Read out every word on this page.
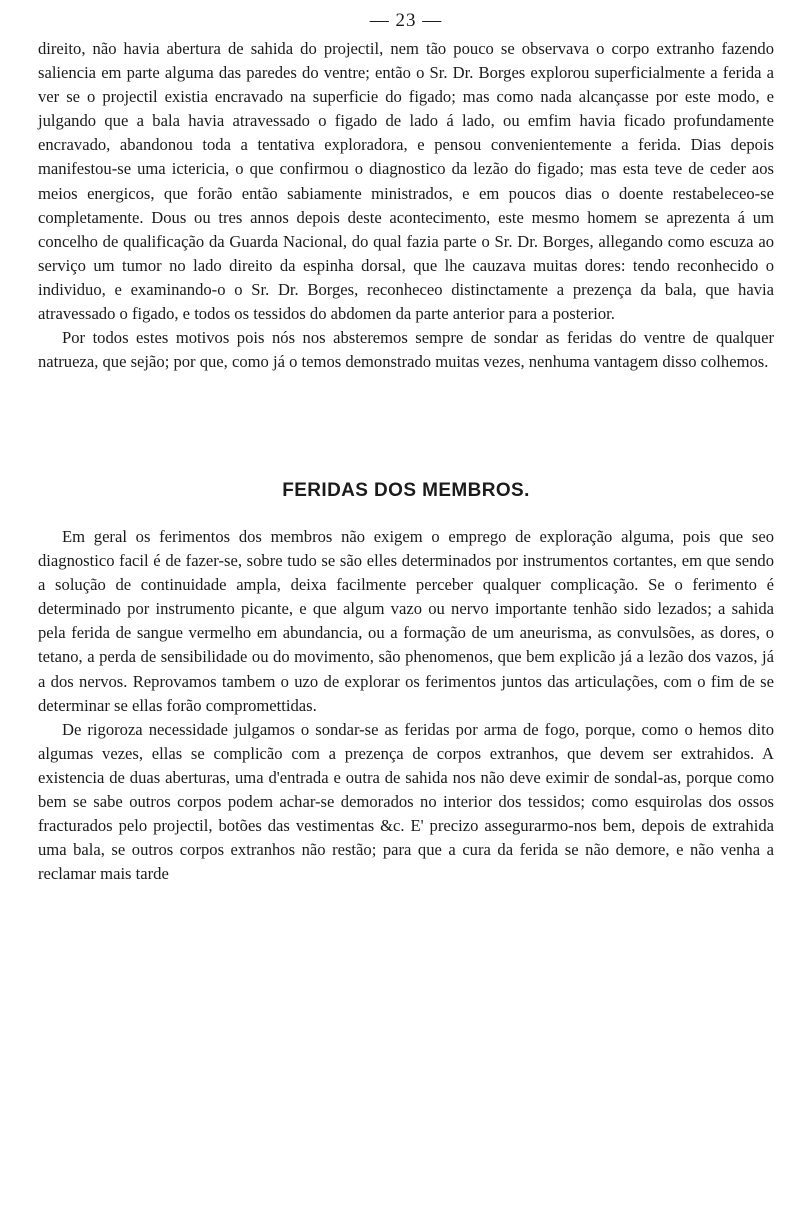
— 23 —

direito, não havia abertura de sahida do projectil, nem tão pouco se observava o corpo extranho fazendo saliencia em parte alguma das paredes do ventre; então o Sr. Dr. Borges explorou superficialmente a ferida a ver se o projectil existia encravado na superficie do figado; mas como nada alcançasse por este modo, e julgando que a bala havia atravessado o figado de lado á lado, ou emfim havia ficado profundamente encravado, abandonou toda a tentativa exploradora, e pensou convenientemente a ferida. Dias depois manifestou-se uma ictericia, o que confirmou o diagnostico da lezão do figado; mas esta teve de ceder aos meios energicos, que forão então sabiamente ministrados, e em poucos dias o doente restabeleceo-se completamente. Dous ou tres annos depois deste acontecimento, este mesmo homem se aprezenta á um concelho de qualificação da Guarda Nacional, do qual fazia parte o Sr. Dr. Borges, allegando como escuza ao serviço um tumor no lado direito da espinha dorsal, que lhe cauzava muitas dores: tendo reconhecido o individuo, e examinando-o o Sr. Dr. Borges, reconheceo distinctamente a prezença da bala, que havia atravessado o figado, e todos os tessidos do abdomen da parte anterior para a posterior.

Por todos estes motivos pois nós nos absteremos sempre de sondar as feridas do ventre de qualquer natrueza, que sejão; por que, como já o temos demonstrado muitas vezes, nenhuma vantagem disso colhemos.

FERIDAS DOS MEMBROS.

Em geral os ferimentos dos membros não exigem o emprego de exploração alguma, pois que seo diagnostico facil é de fazer-se, sobre tudo se são elles determinados por instrumentos cortantes, em que sendo a solução de continuidade ampla, deixa facilmente perceber qualquer complicação. Se o ferimento é determinado por instrumento picante, e que algum vazo ou nervo importante tenhão sido lezados; a sahida pela ferida de sangue vermelho em abundancia, ou a formação de um aneurisma, as convulsões, as dores, o tetano, a perda de sensibilidade ou do movimento, são phenomenos, que bem explicão já a lezão dos vazos, já a dos nervos. Reprovamos tambem o uzo de explorar os ferimentos juntos das articulações, com o fim de se determinar se ellas forão compromettidas.

De rigoroza necessidade julgamos o sondar-se as feridas por arma de fogo, porque, como o hemos dito algumas vezes, ellas se complicão com a prezença de corpos extranhos, que devem ser extrahidos. A existencia de duas aberturas, uma d'entrada e outra de sahida nos não deve eximir de sondal-as, porque como bem se sabe outros corpos podem achar-se demorados no interior dos tessidos; como esquirolas dos ossos fracturados pelo projectil, botões das vestimentas &c. E' precizo assegurarmo-nos bem, depois de extrahida uma bala, se outros corpos extranhos não restão; para que a cura da ferida se não demore, e não venha a reclamar mais tarde
